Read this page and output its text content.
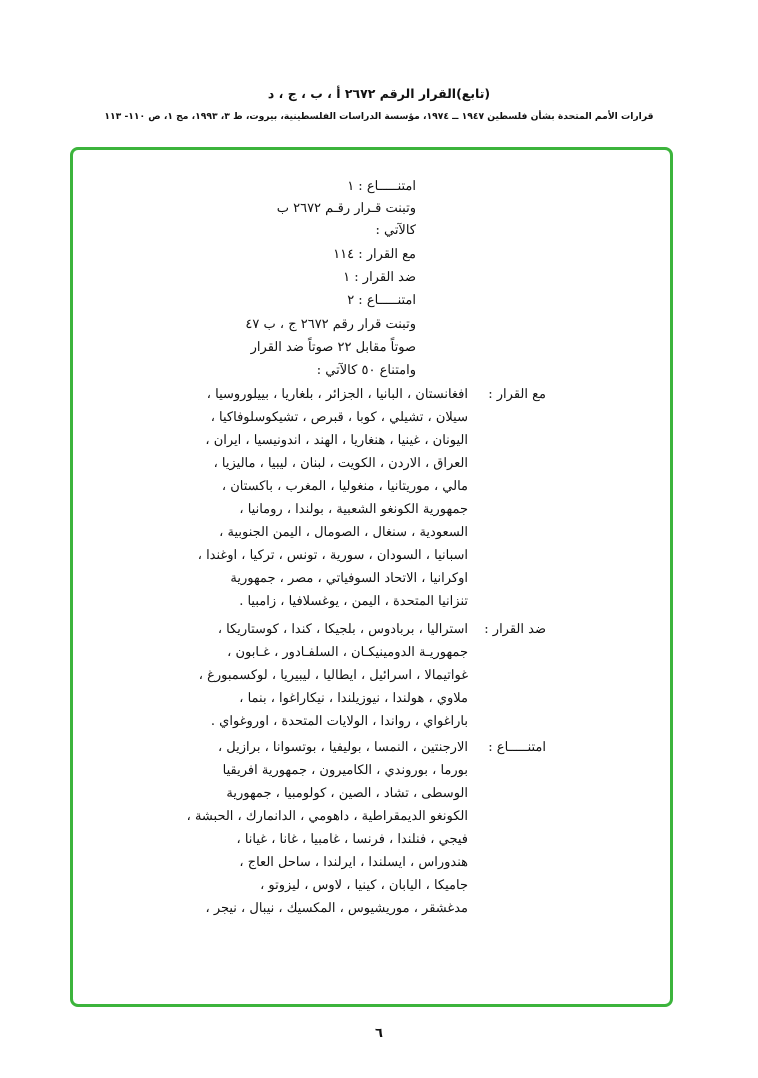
(تابع)القرار الرقم ٢٦٧٢ أ ، ب ، ج ، د
قرارات الأمم المتحدة بشأن فلسطين ١٩٤٧ ــ ١٩٧٤، مؤسسة الدراسات الفلسطينية، بيروت، ط ٣، ١٩٩٣، مج ١، ص ١١٠- ١١٣
امتنـــــاع : ١
وتبنت قـرار رقـم ٢٦٧٢ ب
كالآتي :
مع القرار : ١١٤
ضد القرار : ١
امتنـــــاع : ٢
وتبنت قرار رقم ٢٦٧٢ ج ، ب ٤٧
صوتاً مقابل ٢٢ صوتاً ضد القرار
وامتناع ٥٠ كالآتي :
مع القرار :
افغانستان ، البانيا ، الجزائر ، بلغاريا ، بييلوروسيا ،
سيلان ، تشيلي ، كوبا ، قبرص ، تشيكوسلوفاكيا ،
اليونان ، غينيا ، هنغاريا ، الهند ، اندونيسيا ، ايران ،
العراق ، الاردن ، الكويت ، لبنان ، ليبيا ، ماليزيا ،
مالي ، موريتانيا ، منغوليا ، المغرب ، باكستان ،
جمهورية الكونغو الشعبية ، بولندا ، رومانيا ،
السعودية ، سنغال ، الصومال ، اليمن الجنوبية ،
اسبانيا ، السودان ، سورية ، تونس ، تركيا ، اوغندا ،
اوكرانيا ، الاتحاد السوفياتي ، مصر ، جمهورية
تنزانيا المتحدة ، اليمن ، يوغسلافيا ، زامبيا .
ضد القرار :
استراليا ، بربادوس ، بلجيكا ، كندا ، كوستاريكا ،
جمهوريـة الدومينيكـان ، السلفـادور ، غـابون ،
غواتيمالا ، اسرائيل ، ايطاليا ، ليبيريا ، لوكسمبورغ ،
ملاوي ، هولندا ، نيوزيلندا ، نيكاراغوا ، بنما ،
باراغواي ، رواندا ، الولايات المتحدة ، اوروغواي .
امتنـــــاع :
الارجنتين ، النمسا ، بوليفيا ، بوتسوانا ، برازيل ،
بورما ، بوروندي ، الكاميرون ، جمهورية افريقيا
الوسطى ، تشاد ، الصين ، كولومبيا ، جمهورية
الكونغو الديمقراطية ، داهومي ، الدانمارك ، الحبشة ،
فيجي ، فنلندا ، فرنسا ، غامبيا ، غانا ، غيانا ،
هندوراس ، ايسلندا ، ايرلندا ، ساحل العاج ،
جاميكا ، اليابان ، كينيا ، لاوس ، ليزوتو ،
مدغشقر ، موريشيوس ، المكسيك ، نيبال ، نيجر ،
٦
